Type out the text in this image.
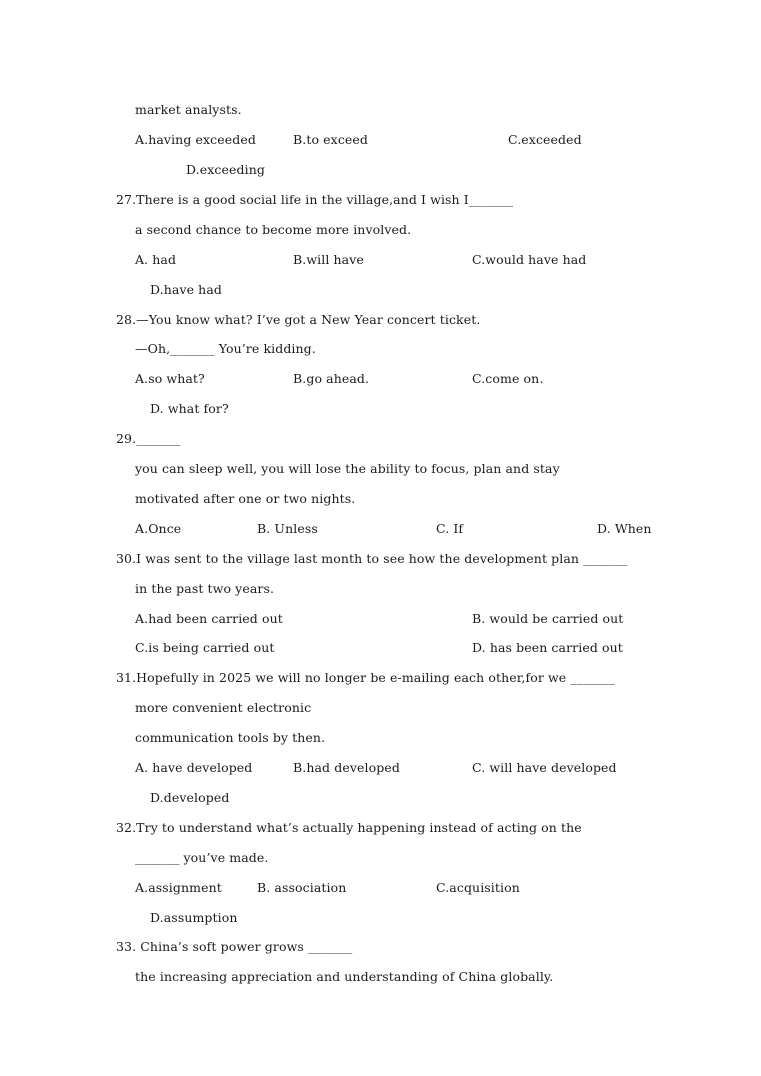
market analysts.
A.having exceeded	B.to exceed	C.exceeded
D.exceeding
27.There is a good social life in the village,and I wish I_______
a second chance to become more involved.
A. had	B.will have	C.would have had
D.have had
28.—You know what? I’ve got a New Year concert ticket.
—Oh,_______ You’re kidding.
A.so what?	B.go ahead.	C.come on.
D. what for?
29._______
you can sleep well, you will lose the ability to focus, plan and stay
motivated after one or two nights.
A.Once	B. Unless	C. If	D. When
30.I was sent to the village last month to see how the development plan _______
in the past two years.
A.had been carried out	B. would be carried out
C.is being carried out	D. has been carried out
31.Hopefully in 2025 we will no longer be e-mailing each other,for we _______
more convenient electronic
communication tools by then.
A. have developed	B.had developed	C. will have developed
D.developed
32.Try to understand what’s actually happening instead of acting on the
_______ you’ve made.
A.assignment	B. association	C.acquisition
D.assumption
33. China’s soft power grows _______
the increasing appreciation and understanding of China globally.
